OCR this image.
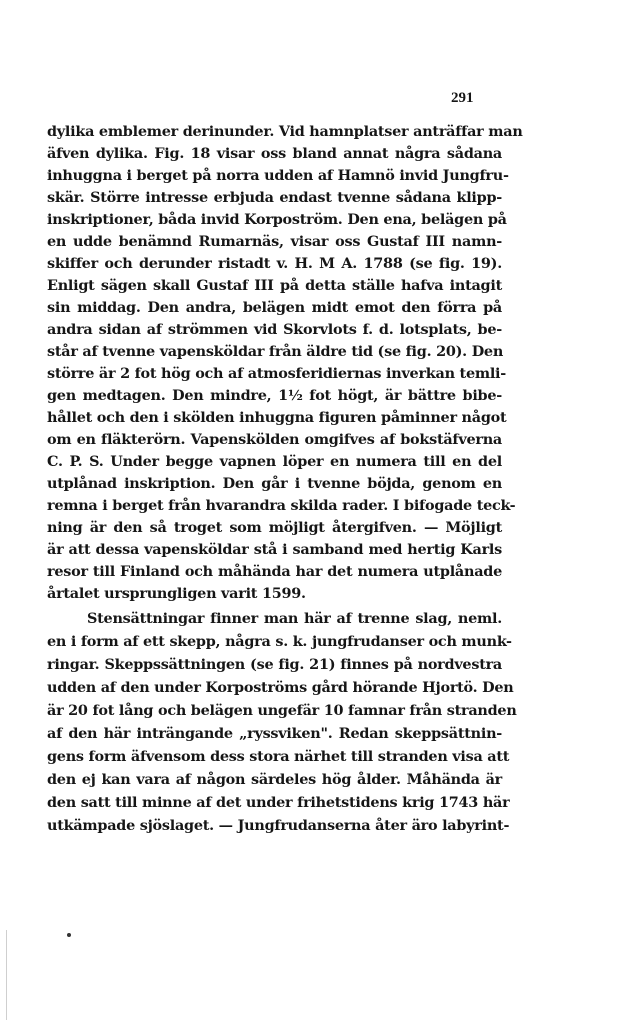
291
dylika emblemer derinunder. Vid hamnplatser anträffar man
äfven dylika. Fig. 18 visar oss bland annat några sådana
inhuggna i berget på norra udden af Hamnö invid Jungfru-
skär. Större intresse erbjuda endast tvenne sådana klipp-
inskriptioner, båda invid Korpoström. Den ena, belägen på
en udde benämnd Rumarnäs, visar oss Gustaf III namn-
skiffer och derunder ristadt v. H. M A. 1788 (se fig. 19).
Enligt sägen skall Gustaf III på detta ställe hafva intagit
sin middag. Den andra, belägen midt emot den förra på
andra sidan af strömmen vid Skorvlots f. d. lotsplats, be-
står af tvenne vapensköldar från äldre tid (se fig. 20). Den
större är 2 fot hög och af atmosferidiernas inverkan temli-
gen medtagen. Den mindre, 1½ fot högt, är bättre bibe-
hållet och den i skölden inhuggna figuren påminner något
om en fläkterörn. Vapenskölden omgifves af bokstäfverna
C. P. S. Under begge vapnen löper en numera till en del
utplånad inskription. Den går i tvenne böjda, genom en
remna i berget från hvarandra skilda rader. I bifogade teck-
ning är den så troget som möjligt återgifven. — Möjligt
är att dessa vapensköldar stå i samband med hertig Karls
resor till Finland och måhända har det numera utplånade
årtalet ursprungligen varit 1599.
Stensättningar finner man här af trenne slag, neml.
en i form af ett skepp, några s. k. jungfrudanser och munk-
ringar. Skeppssättningen (se fig. 21) finnes på nordvestra
udden af den under Korpoströms gård hörande Hjortö. Den
är 20 fot lång och belägen ungefär 10 famnar från stranden
af den här inträngande „ryssviken". Redan skeppsättnin-
gens form äfvensom dess stora närhet till stranden visa att
den ej kan vara af någon särdeles hög ålder. Måhända är
den satt till minne af det under frihetstidens krig 1743 här
utkämpade sjöslaget. — Jungfrudanserna åter äro labyrint-
